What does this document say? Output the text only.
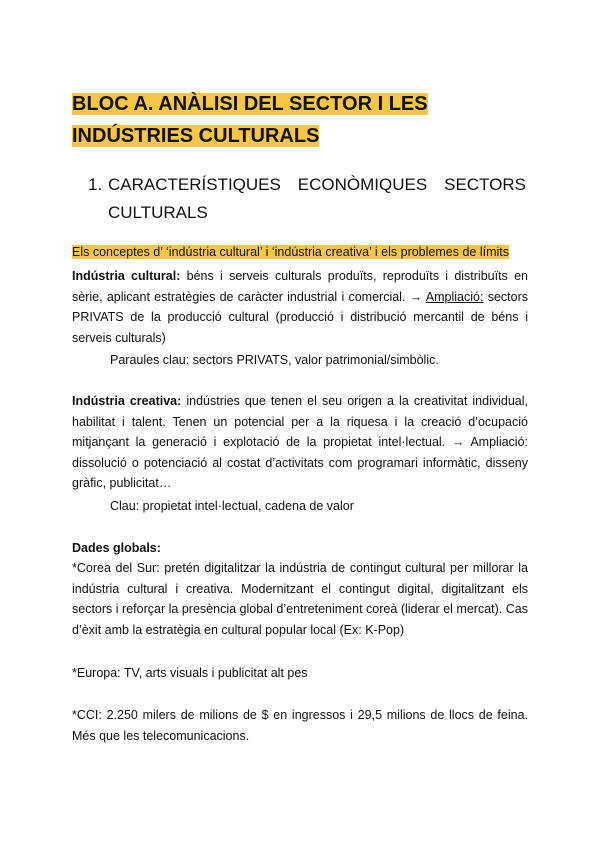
BLOC A. ANÀLISI DEL SECTOR I LES INDÚSTRIES CULTURALS
1. CARACTERÍSTIQUES ECONÒMIQUES SECTORS
CULTURALS
Els conceptes d’ ‘indústria cultural’ i ‘indústria creativa’ i els problemes de límits
Indústria cultural: béns i serveis culturals produïts, reproduïts i distribuïts en sèrie, aplicant estratègies de caràcter industrial i comercial. → Ampliació: sectors PRIVATS de la producció cultural (producció i distribució mercantil de béns i serveis culturals)
Paraules clau: sectors PRIVATS, valor patrimonial/simbòlic.
Indústria creativa: indústries que tenen el seu origen a la creativitat individual, habilitat i talent. Tenen un potencial per a la riquesa i la creació d’ocupació mitjançant la generació i explotació de la propietat intel·lectual. → Ampliació: dissolució o potenciació al costat d’activitats com programari informàtic, disseny gràfic, publicitat…
Clau: propietat intel·lectual, cadena de valor
Dades globals:
*Corea del Sur: pretén digitalitzar la indústria de contingut cultural per millorar la indústria cultural i creativa. Modernitzant el contingut digital, digitalitzant els sectors i reforçar la presència global d’entreteniment coreà (liderar el mercat). Cas d’èxit amb la estratègia en cultural popular local (Ex: K-Pop)
*Europa: TV, arts visuals i publicitat alt pes
*CCI: 2.250 milers de milions de $ en ingressos i 29,5 milions de llocs de feina. Més que les telecomunicacions.
